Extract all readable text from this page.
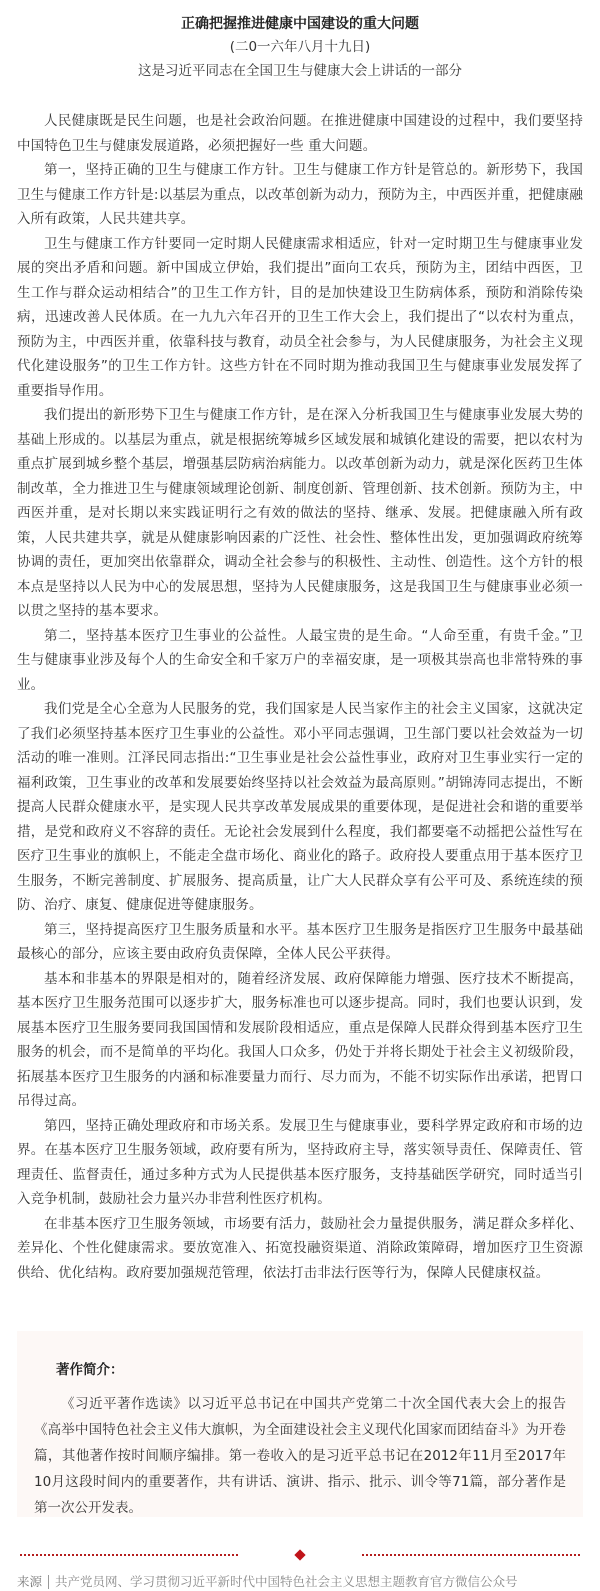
正确把握推进健康中国建设的重大问题
(二0一六年八月十九日)
这是习近平同志在全国卫生与健康大会上讲话的一部分

人民健康既是民生问题，也是社会政治问题。在推进健康中国建设的过程中，我们要坚持中国特色卫生与健康发展道路，必须把握好一些 重大问题。

第一，坚持正确的卫生与健康工作方针。卫生与健康工作方针是管总的。新形势下，我国卫生与健康工作方针是:以基层为重点，以改革创新为动力，预防为主，中西医并重，把健康融入所有政策，人民共建共享。

卫生与健康工作方针要同一定时期人民健康需求相适应，针对一定时期卫生与健康事业发展的突出矛盾和问题。新中国成立伊始，我们提出”面向工农兵，预防为主，团结中西医，卫生工作与群众运动相结合”的卫生工作方针，目的是加快建设卫生防病体系，预防和消除传染病，迅速改善人民体质。在一九九六年召开的卫生工作大会上，我们提出了“以农村为重点，预防为主，中西医并重，依靠科技与教育，动员全社会参与，为人民健康服务，为社会主义现代化建设服务”的卫生工作方针。这些方针在不同时期为推动我国卫生与健康事业发展发挥了重要指导作用。

我们提出的新形势下卫生与健康工作方针，是在深入分析我国卫生与健康事业发展大势的基础上形成的。以基层为重点，就是根据统筹城乡区域发展和城镇化建设的需要，把以农村为重点扩展到城乡整个基层，增强基层防病治病能力。以改革创新为动力，就是深化医药卫生体制改革，全力推进卫生与健康领域理论创新、制度创新、管理创新、技术创新。预防为主，中西医并重，是对长期以来实践证明行之有效的做法的坚持、继承、发展。把健康融入所有政策，人民共建共享，就是从健康影响因素的广泛性、社会性、整体性出发，更加强调政府统筹协调的责任，更加突出依靠群众，调动全社会参与的积极性、主动性、创造性。这个方针的根本点是坚持以人民为中心的发展思想，坚持为人民健康服务，这是我国卫生与健康事业必须一以贯之坚持的基本要求。

第二，坚持基本医疗卫生事业的公益性。人最宝贵的是生命。“人命至重，有贵千金。”卫生与健康事业涉及每个人的生命安全和千家万户的幸福安康，是一项极其崇高也非常特殊的事业。

我们党是全心全意为人民服务的党，我们国家是人民当家作主的社会主义国家，这就决定了我们必须坚持基本医疗卫生事业的公益性。邓小平同志强调，卫生部门要以社会效益为一切活动的唯一准则。江泽民同志指出:“卫生事业是社会公益性事业，政府对卫生事业实行一定的福利政策，卫生事业的改革和发展要始终坚持以社会效益为最高原则。”胡锦涛同志提出，不断提高人民群众健康水平，是实现人民共享改革发展成果的重要体现，是促进社会和谐的重要举措，是党和政府义不容辞的责任。无论社会发展到什么程度，我们都要毫不动摇把公益性写在医疗卫生事业的旗帜上，不能走全盘市场化、商业化的路子。政府投人要重点用于基本医疗卫生服务，不断完善制度、扩展服务、提高质量，让广大人民群众享有公平可及、系统连续的预防、治疗、康复、健康促进等健康服务。

第三，坚持提高医疗卫生服务质量和水平。基本医疗卫生服务是指医疗卫生服务中最基础最核心的部分，应该主要由政府负责保障，全体人民公平获得。

基本和非基本的界限是相对的，随着经济发展、政府保障能力增强、医疗技术不断提高，基本医疗卫生服务范围可以逐步扩大，服务标准也可以逐步提高。同时，我们也要认识到，发展基本医疗卫生服务要同我国国情和发展阶段相适应，重点是保障人民群众得到基本医疗卫生服务的机会，而不是简单的平均化。我国人口众多，仍处于并将长期处于社会主义初级阶段，拓展基本医疗卫生服务的内涵和标准要量力而行、尽力而为，不能不切实际作出承诺，把胃口吊得过高。

第四，坚持正确处理政府和市场关系。发展卫生与健康事业，要科学界定政府和市场的边界。在基本医疗卫生服务领域，政府要有所为，坚持政府主导，落实领导责任、保障责任、管理责任、监督责任，通过多种方式为人民提供基本医疗服务，支持基础医学研究，同时适当引入竞争机制，鼓励社会力量兴办非营利性医疗机构。

在非基本医疗卫生服务领域，市场要有活力，鼓励社会力量提供服务，满足群众多样化、差异化、个性化健康需求。要放宽准入、拓宽投融资渠道、消除政策障碍，增加医疗卫生资源供给、优化结构。政府要加强规范管理，依法打击非法行医等行为，保障人民健康权益。

著作简介：

《习近平著作选读》以习近平总书记在中国共产党第二十次全国代表大会上的报告《高举中国特色社会主义伟大旗帜，为全面建设社会主义现代化国家而团结奋斗》为开卷篇，其他著作按时间顺序编排。第一卷收入的是习近平总书记在2012年11月至2017年10月这段时间内的重要著作，共有讲话、演讲、指示、批示、训令等71篇，部分著作是第一次公开发表。

来源 共产党员网、学习贯彻习近平新时代中国特色社会主义思想主题教育官方微信公众号
